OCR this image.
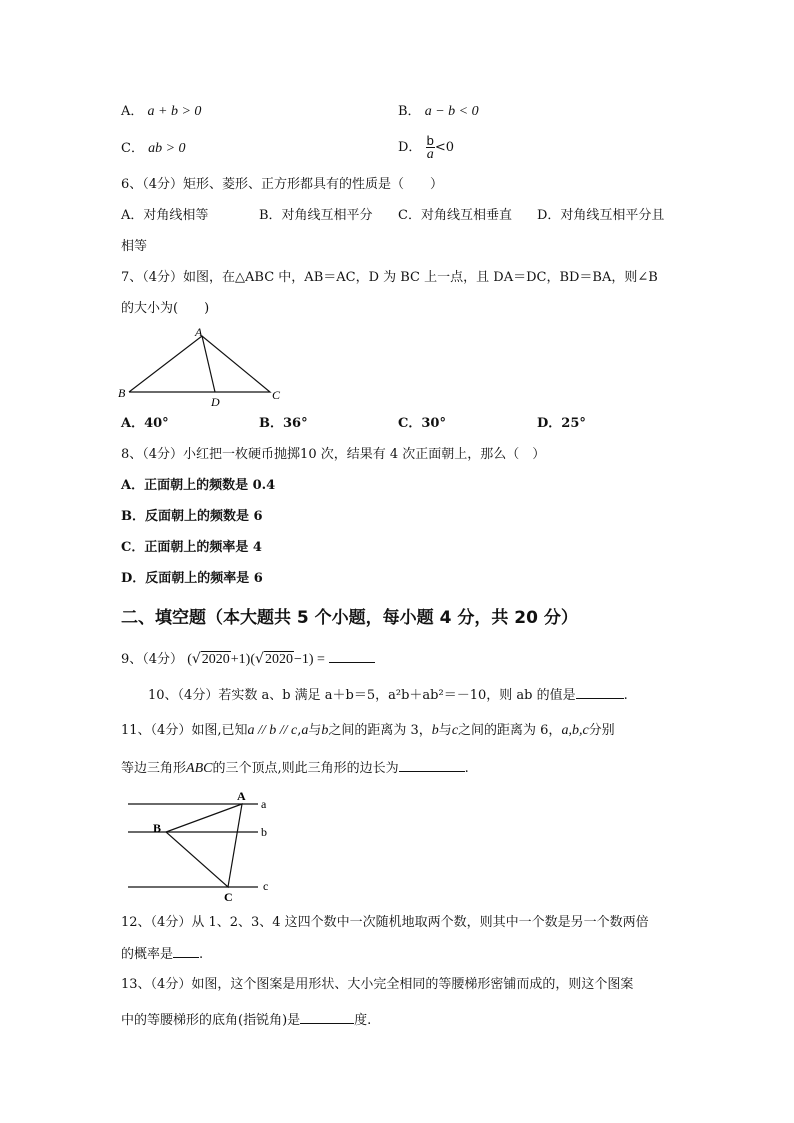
A． a + b > 0	B． a − b < 0
C． ab > 0	D． $\frac{b}{a} <0$
6、（4分）矩形、菱形、正方形都具有的性质是（　　）
A．对角线相等	B．对角线互相平分 C．对角线互相垂直 D．对角线互相平分且
相等
7、（4分）如图，在△ABC 中，AB＝AC，D 为 BC 上一点，且 DA＝DC，BD＝BA，则∠B
的大小为(　　)
A
B	C
D
A．40°	B．36°	C．30°	D．25°
8、（4分）小红把一枚硬币抛掷10 次，结果有 4 次正面朝上，那么（　）
A．正面朝上的频数是 0.4
B．反面朝上的频数是 6
C．正面朝上的频率是 4
D．反面朝上的频率是 6
二、填空题（本大题共 5 个小题，每小题 4 分，共 20 分）
9、（4分） (√2020+1)(√2020−1) =
10、（4分）若实数 a、b 满足 a＋b＝5，a²b＋ab²＝－10，则 ab 的值是	.
11、（4分）如图,已知a // b // c,a与b之间的距离为 3，b与c之间的距离为 6，a,b,c分别
等边三角形ABC的三个顶点,则此三角形的边长为	.
A
B
C
a
b
c
12、（4分）从 1、2、3、4 这四个数中一次随机地取两个数，则其中一个数是另一个数两倍
的概率是 .
13、（4分）如图，这个图案是用形状、大小完全相同的等腰梯形密铺而成的，则这个图案
中的等腰梯形的底角(指锐角)是	度.
